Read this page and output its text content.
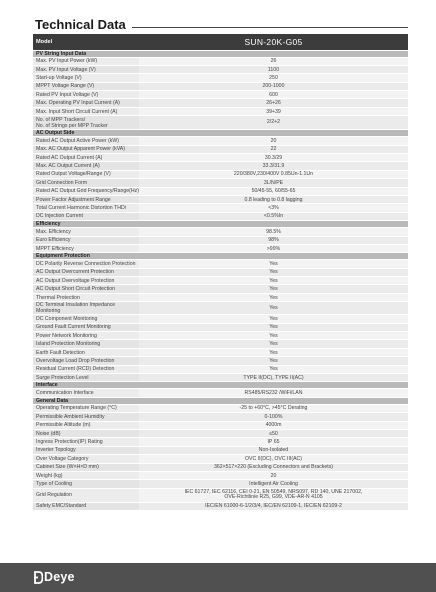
Technical Data
Model	SUN-20K-G05
PV String Input Data	
Max. PV Input Power (kW)	26
Max. PV Input Voltage (V)	1100
Start-up Voltage (V)	250
MPPT Voltage Range (V)	200-1000
Rated PV Input Voltage (V)	600
Max. Operating PV Input Current (A)	26+26
Max. Input Short Circuit Current (A)	39+39
No. of MPP Trackers/
No. of Strings per MPP Tracker	2/2+2
AC Output Side	
Rated AC Output Active Power (kW)	20
Max. AC Output Apparent Power (kVA)	22
Rated AC Output Current (A)	30.3/29
Max. AC Output Current (A)	33.3/31.9
Rated Output Voltage/Range (V)	220/380V,230/400V 0.85Un-1.1Un
Grid Connection Form	3L/N/PE
Rated AC Output Grid Frequency/Range(Hz)	50/45-55, 60/55-65
Power Factor Adjustment Range	0.8 leading to 0.8 lagging
Total Current Harmonic Distortion THDi	<3%
DC Injection Current	<0.5%In
Efficiency	
Max. Efficiency	98.5%
Euro Efficiency	98%
MPPT Efficiency	>99%
Equipment Protection	
DC Polarity Reverse Connection Protection	Yes
AC Output Overcurrent Protection	Yes
AC Output Overvoltage Protection	Yes
AC Output Short Circuit Protection	Yes
Thermal Protection	Yes
DC Terminal Insulation Impedance Monitoring	Yes
DC Component Monitoring	Yes
Ground Fault Current Monitoring	Yes
Power Network Monitoring	Yes
Island Protection Monitoring	Yes
Earth Fault Detection	Yes
Overvoltage Load Drop Protection	Yes
Residual Current (RCD) Detection	Yes
Surge Protection Level	TYPE II(DC), TYPE II(AC)
Interface	
Communication Interface	RS485/RS232 /WiFi/LAN
General Data	
Operating Temperature Range (°C)	-25 to +60°C, >45°C Derating
Permissible Ambient Humidity	0-100%
Permissible Altitude (m)	4000m
Noise (dB)	≤50
Ingress Protection(IP) Rating	IP 65
Inverter Topology	Non-Isolated
Over Voltage Category	OVC II(DC), OVC III(AC)
Cabinet Size (W×H×D mm)	362×517×220 (Excluding Connectors and Brackets)
Weight (kg)	20
Type of Cooling	Intelligent Air Cooling
Grid Regulation	IEC 61727, IEC 62116, CEI 0-21, EN 50549, NRS097, RD 140, UNE 217002,
OVE-Richtlinie R25, G99, VDE-AR-N 4105
Safety EMC/Standard	IEC/EN 61000-6-1/2/3/4, IEC/EN 62109-1, IEC/EN 62109-2
Deye
